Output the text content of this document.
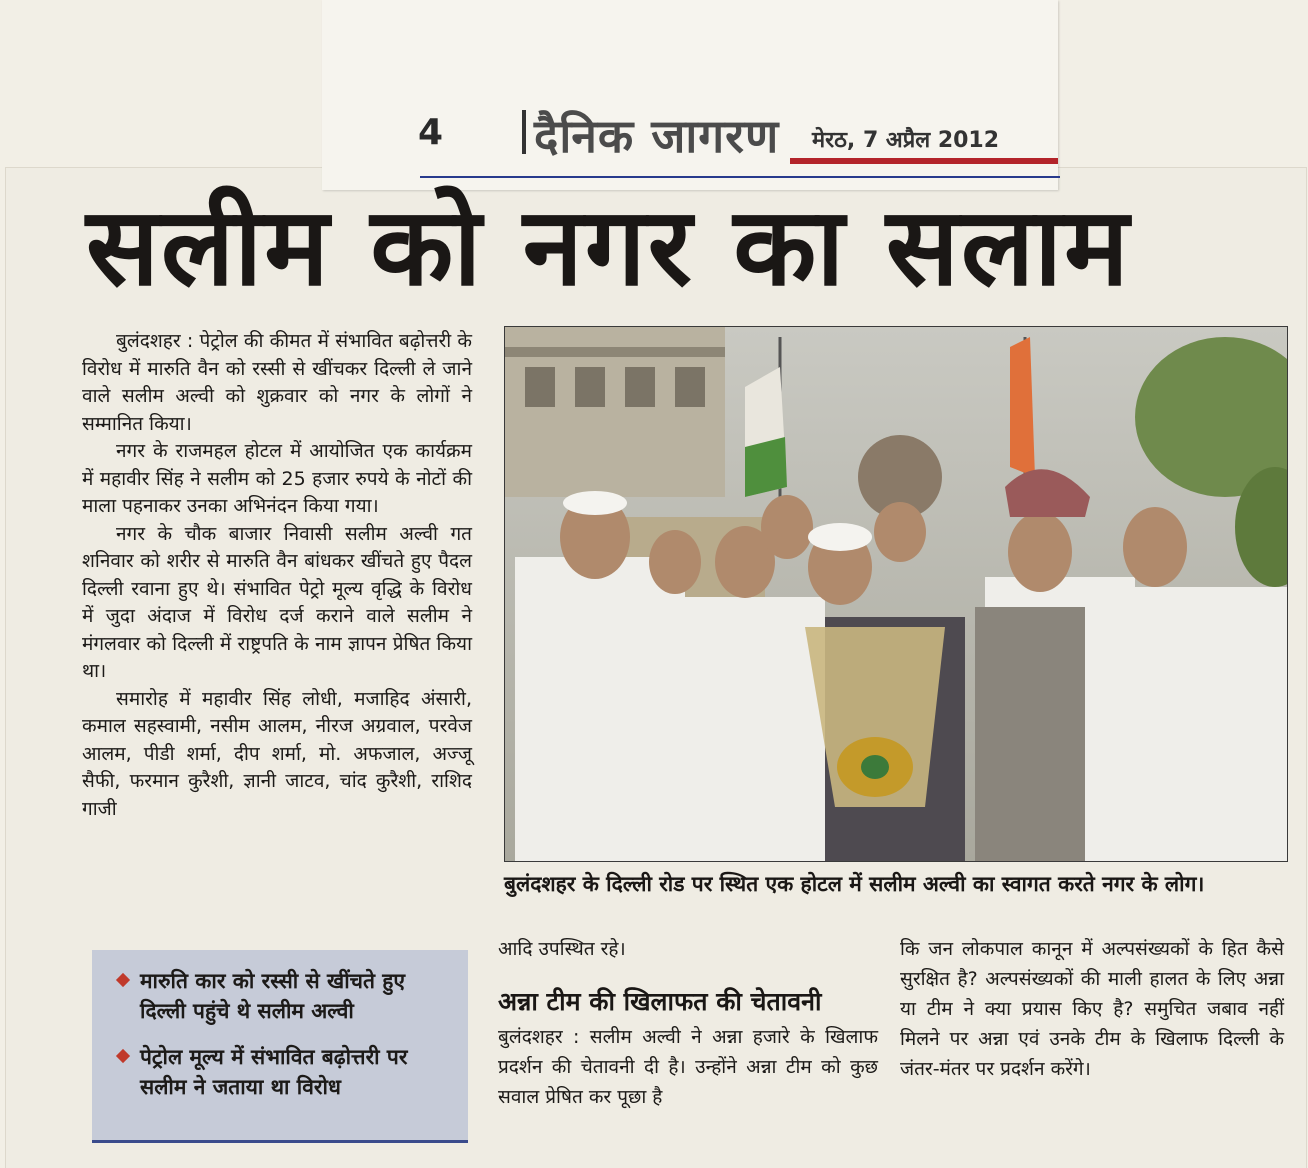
4 दैनिक जागरण मेरठ, 7 अप्रैल 2012
सलीम को नगर का सलाम

बुलंदशहर : पेट्रोल की कीमत में संभावित बढ़ोत्तरी के विरोध में मारुति वैन को रस्सी से खींचकर दिल्ली ले जाने वाले सलीम अल्वी को शुक्रवार को नगर के लोगों ने सम्मानित किया।

नगर के राजमहल होटल में आयोजित एक कार्यक्रम में महावीर सिंह ने सलीम को 25 हजार रुपये के नोटों की माला पहनाकर उनका अभिनंदन किया गया।

नगर के चौक बाजार निवासी सलीम अल्वी गत शनिवार को शरीर से मारुति वैन बांधकर खींचते हुए पैदल दिल्ली रवाना हुए थे। संभावित पेट्रो मूल्य वृद्धि के विरोध में जुदा अंदाज में विरोध दर्ज कराने वाले सलीम ने मंगलवार को दिल्ली में राष्ट्रपति के नाम ज्ञापन प्रेषित किया था।

समारोह में महावीर सिंह लोधी, मजाहिद अंसारी, कमाल सहस्वामी, नसीम आलम, नीरज अग्रवाल, परवेज आलम, पीडी शर्मा, दीप शर्मा, मो. अफजाल, अज्जू सैफी, फरमान कुरैशी, ज्ञानी जाटव, चांद कुरैशी, राशिद गाजी

मारुति कार को रस्सी से खींचते हुए दिल्ली पहुंचे थे सलीम अल्वी
पेट्रोल मूल्य में संभावित बढ़ोत्तरी पर सलीम ने जताया था विरोध
बुलंदशहर के दिल्ली रोड पर स्थित एक होटल में सलीम अल्वी का स्वागत करते नगर के लोग।
आदि उपस्थित रहे।
अन्ना टीम की खिलाफत की चेतावनी

बुलंदशहर : सलीम अल्वी ने अन्ना हजारे के खिलाफ प्रदर्शन की चेतावनी दी है। उन्होंने अन्ना टीम को कुछ सवाल प्रेषित कर पूछा है

कि जन लोकपाल कानून में अल्पसंख्यकों के हित कैसे सुरक्षित है? अल्पसंख्यकों की माली हालत के लिए अन्ना या टीम ने क्या प्रयास किए है? समुचित जबाव नहीं मिलने पर अन्ना एवं उनके टीम के खिलाफ दिल्ली के जंतर-मंतर पर प्रदर्शन करेंगे।
